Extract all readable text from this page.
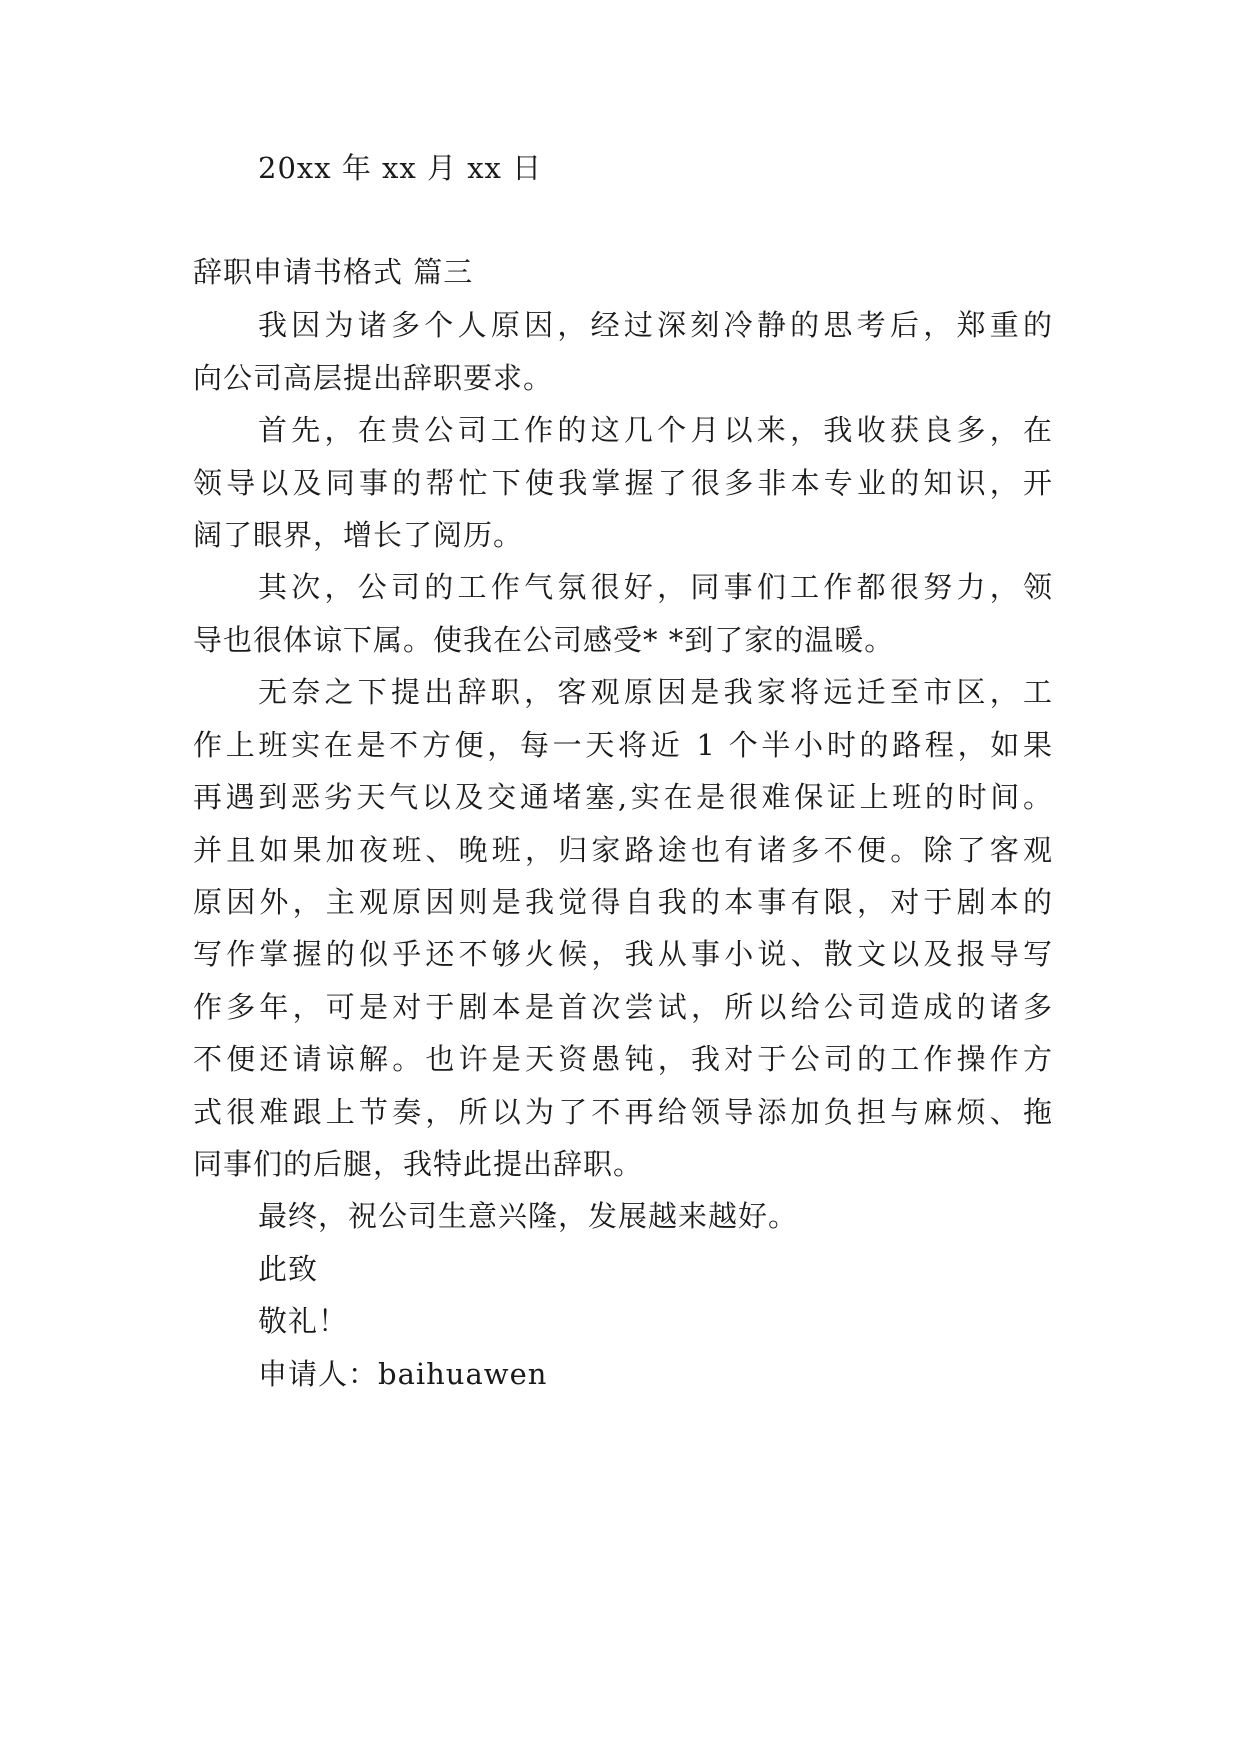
20xx 年 xx 月 xx 日
辞职申请书格式 篇三
我因为诸多个人原因，经过深刻冷静的思考后，郑重的
向公司高层提出辞职要求。
首先，在贵公司工作的这几个月以来，我收获良多，在
领导以及同事的帮忙下使我掌握了很多非本专业的知识，开
阔了眼界，增长了阅历。
其次，公司的工作气氛很好，同事们工作都很努力，领
导也很体谅下属。使我在公司感受* *到了家的温暖。
无奈之下提出辞职，客观原因是我家将远迁至市区，工
作上班实在是不方便，每一天将近 1 个半小时的路程，如果
再遇到恶劣天气以及交通堵塞,实在是很难保证上班的时间。
并且如果加夜班、晚班，归家路途也有诸多不便。除了客观
原因外，主观原因则是我觉得自我的本事有限，对于剧本的
写作掌握的似乎还不够火候，我从事小说、散文以及报导写
作多年，可是对于剧本是首次尝试，所以给公司造成的诸多
不便还请谅解。也许是天资愚钝，我对于公司的工作操作方
式很难跟上节奏，所以为了不再给领导添加负担与麻烦、拖
同事们的后腿，我特此提出辞职。
最终，祝公司生意兴隆，发展越来越好。
此致
敬礼！
申请人：baihuawen
